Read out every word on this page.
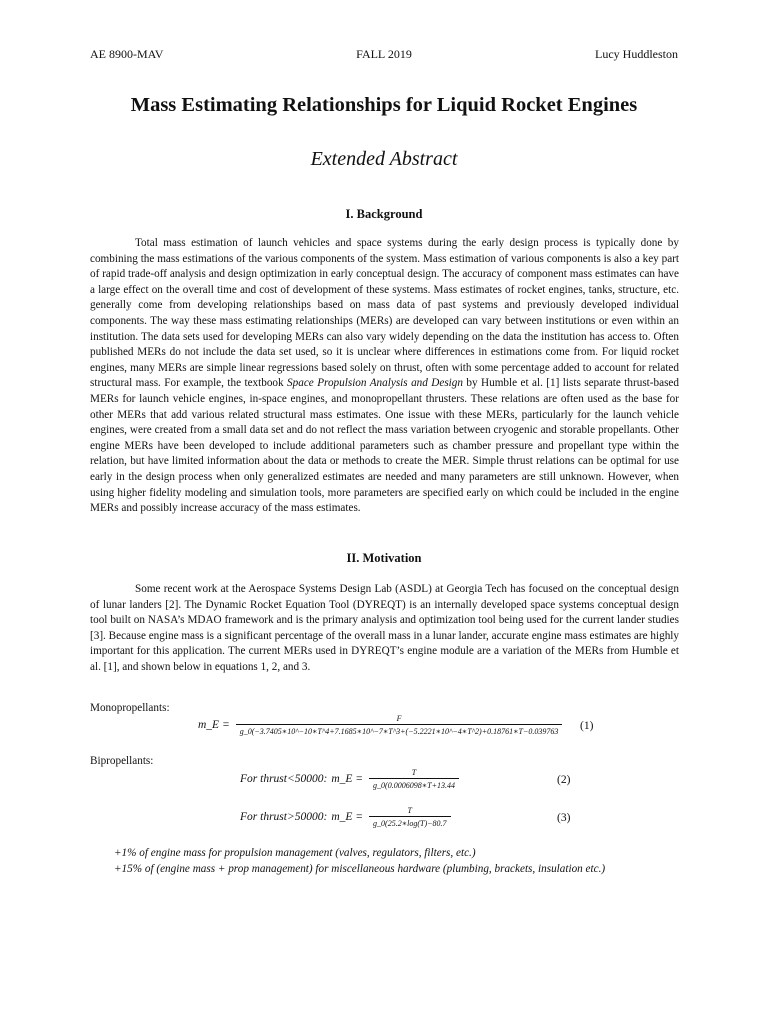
AE 8900-MAV	FALL 2019	Lucy Huddleston
Mass Estimating Relationships for Liquid Rocket Engines
Extended Abstract
I. Background

Total mass estimation of launch vehicles and space systems during the early design process is typically done by combining the mass estimations of the various components of the system. Mass estimation of various components is also a key part of rapid trade-off analysis and design optimization in early conceptual design. The accuracy of component mass estimates can have a large effect on the overall time and cost of development of these systems. Mass estimates of rocket engines, tanks, structure, etc. generally come from developing relationships based on mass data of past systems and previously developed individual components. The way these mass estimating relationships (MERs) are developed can vary between institutions or even within an institution. The data sets used for developing MERs can also vary widely depending on the data the institution has access to. Often published MERs do not include the data set used, so it is unclear where differences in estimations come from. For liquid rocket engines, many MERs are simple linear regressions based solely on thrust, often with some percentage added to account for related structural mass. For example, the textbook Space Propulsion Analysis and Design by Humble et al. [1] lists separate thrust-based MERs for launch vehicle engines, in-space engines, and monopropellant thrusters. These relations are often used as the base for other MERs that add various related structural mass estimates. One issue with these MERs, particularly for the launch vehicle engines, were created from a small data set and do not reflect the mass variation between cryogenic and storable propellants. Other engine MERs have been developed to include additional parameters such as chamber pressure and propellant type within the relation, but have limited information about the data or methods to create the MER. Simple thrust relations can be optimal for use early in the design process when only generalized estimates are needed and many parameters are still unknown. However, when using higher fidelity modeling and simulation tools, more parameters are specified early on which could be included in the engine MERs and possibly increase accuracy of the mass estimates.

II. Motivation

Some recent work at the Aerospace Systems Design Lab (ASDL) at Georgia Tech has focused on the conceptual design of lunar landers [2]. The Dynamic Rocket Equation Tool (DYREQT) is an internally developed space systems conceptual design tool built on NASA’s MDAO framework and is the primary analysis and optimization tool being used for the current lander studies [3]. Because engine mass is a significant percentage of the overall mass in a lunar lander, accurate engine mass estimates are highly important for this application. The current MERs used in DYREQT’s engine module are a variation of the MERs from Humble et al. [1], and shown below in equations 1, 2, and 3.

Monopropellants:
m_E =
F
g_0(−3.7405∗10^−10∗T^4+7.1685∗10^−7∗T^3+(−5.2221∗10^−4∗T^2)+0.18761∗T−0.039763	(1)
Bipropellants:
For thrust<50000: m_E = $\frac{T}{g\_0(0.0006098∗T+13.44}$	(2)
For thrust>50000: m_E = $\frac{T}{g\_0(25.2∗\log(T)-80.7}$	(3)
+1% of engine mass for propulsion management (valves, regulators, filters, etc.)
+15% of (engine mass + prop management) for miscellaneous hardware (plumbing, brackets, insulation etc.)
